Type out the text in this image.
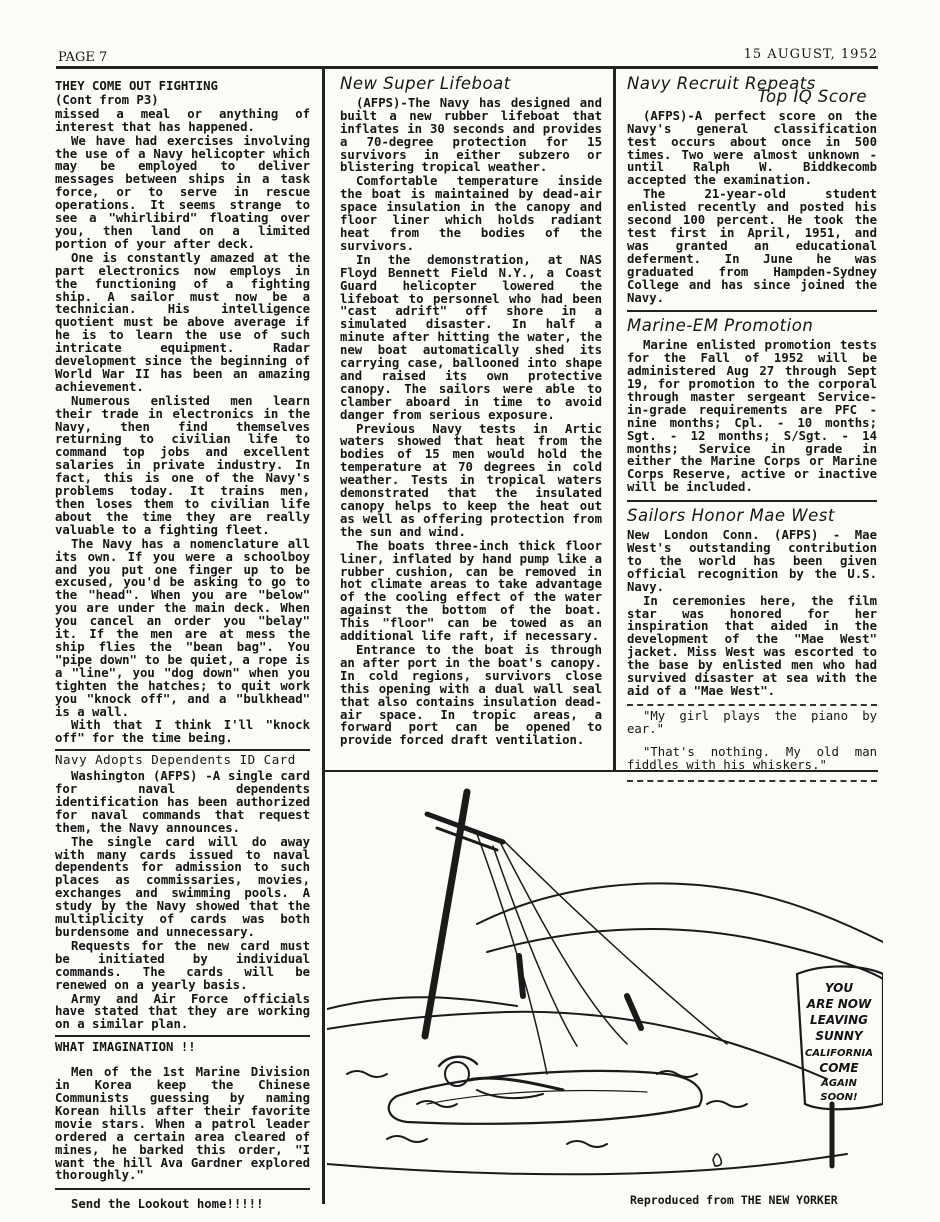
PAGE 7	15 AUGUST, 1952
THEY COME OUT FIGHTING

(Cont from P3)

missed a meal or anything of interest that has happened.

We have had exercises involving the use of a Navy helicopter which may be employed to deliver messages between ships in a task force, or to serve in rescue operations. It seems strange to see a "whirlibird" floating over you, then land on a limited portion of your after deck.

One is constantly amazed at the part electronics now employs in the functioning of a fighting ship. A sailor must now be a technician. His intelligence quotient must be above average if he is to learn the use of such intricate equipment. Radar development since the beginning of World War II has been an amazing achievement.

Numerous enlisted men learn their trade in electronics in the Navy, then find themselves returning to civilian life to command top jobs and excellent salaries in private industry. In fact, this is one of the Navy's problems today. It trains men, then loses them to civilian life about the time they are really valuable to a fighting fleet.

The Navy has a nomenclature all its own. If you were a schoolboy and you put one finger up to be excused, you'd be asking to go to the "head". When you are "below" you are under the main deck. When you cancel an order you "belay" it. If the men are at mess the ship flies the "bean bag". You "pipe down" to be quiet, a rope is a "line", you "dog down" when you tighten the hatches; to quit work you "knock off", and a "bulkhead" is a wall.

With that I think I'll "knock off" for the time being.

Navy Adopts Dependents ID Card

Washington (AFPS) -A single card for naval dependents identification has been authorized for naval commands that request them, the Navy announces.

The single card will do away with many cards issued to naval dependents for admission to such places as commissaries, movies, exchanges and swimming pools. A study by the Navy showed that the multiplicity of cards was both burdensome and unnecessary.

Requests for the new card must be initiated by individual commands. The cards will be renewed on a yearly basis.

Army and Air Force officials have stated that they are working on a similar plan.

WHAT IMAGINATION !!

Men of the 1st Marine Division in Korea keep the Chinese Communists guessing by naming Korean hills after their favorite movie stars. When a patrol leader ordered a certain area cleared of mines, he barked this order, "I want the hill Ava Gardner explored thoroughly."

Send the Lookout home!!!!!

New Super Lifeboat

(AFPS)-The Navy has designed and built a new rubber lifeboat that inflates in 30 seconds and provides a 70-degree protection for 15 survivors in either subzero or blistering tropical weather.

Comfortable temperature inside the boat is maintained by dead-air space insulation in the canopy and floor liner which holds radiant heat from the bodies of the survivors.

In the demonstration, at NAS Floyd Bennett Field N.Y., a Coast Guard helicopter lowered the lifeboat to personnel who had been "cast adrift" off shore in a simulated disaster. In half a minute after hitting the water, the new boat automatically shed its carrying case, ballooned into shape and raised its own protective canopy. The sailors were able to clamber aboard in time to avoid danger from serious exposure.

Previous Navy tests in Artic waters showed that heat from the bodies of 15 men would hold the temperature at 70 degrees in cold weather. Tests in tropical waters demonstrated that the insulated canopy helps to keep the heat out as well as offering protection from the sun and wind.

The boats three-inch thick floor liner, inflated by hand pump like a rubber cushion, can be removed in hot climate areas to take advantage of the cooling effect of the water against the bottom of the boat. This "floor" can be towed as an additional life raft, if necessary.

Entrance to the boat is through an after port in the boat's canopy. In cold regions, survivors close this opening with a dual wall seal that also contains insulation dead-air space. In tropic areas, a forward port can be opened to provide forced draft ventilation.

Navy Recruit Repeats
Top IQ Score

(AFPS)-A perfect score on the Navy's general classification test occurs about once in 500 times. Two were almost unknown - until Ralph W. Biddkecomb accepted the examination.

The 21-year-old student enlisted recently and posted his second 100 percent. He took the test first in April, 1951, and was granted an educational deferment. In June he was graduated from Hampden-Sydney College and has since joined the Navy.

Marine-EM Promotion

Marine enlisted promotion tests for the Fall of 1952 will be administered Aug 27 through Sept 19, for promotion to the corporal through master sergeant Service-in-grade requirements are PFC - nine months; Cpl. - 10 months; Sgt. - 12 months; S/Sgt. - 14 months; Service in grade in either the Marine Corps or Marine Corps Reserve, active or inactive will be included.

Sailors Honor Mae West

New London Conn. (AFPS) - Mae West's outstanding contribution to the world has been given official recognition by the U.S. Navy.

In ceremonies here, the film star was honored for her inspiration that aided in the development of the "Mae West" jacket. Miss West was escorted to the base by enlisted men who had survived disaster at sea with the aid of a "Mae West".

"My girl plays the piano by ear."

"That's nothing. My old man fiddles with his whiskers."

YOU
ARE NOW
LEAVING
SUNNY
CALIFORNIA
COME
AGAIN
SOON!
Reproduced from THE NEW YORKER
